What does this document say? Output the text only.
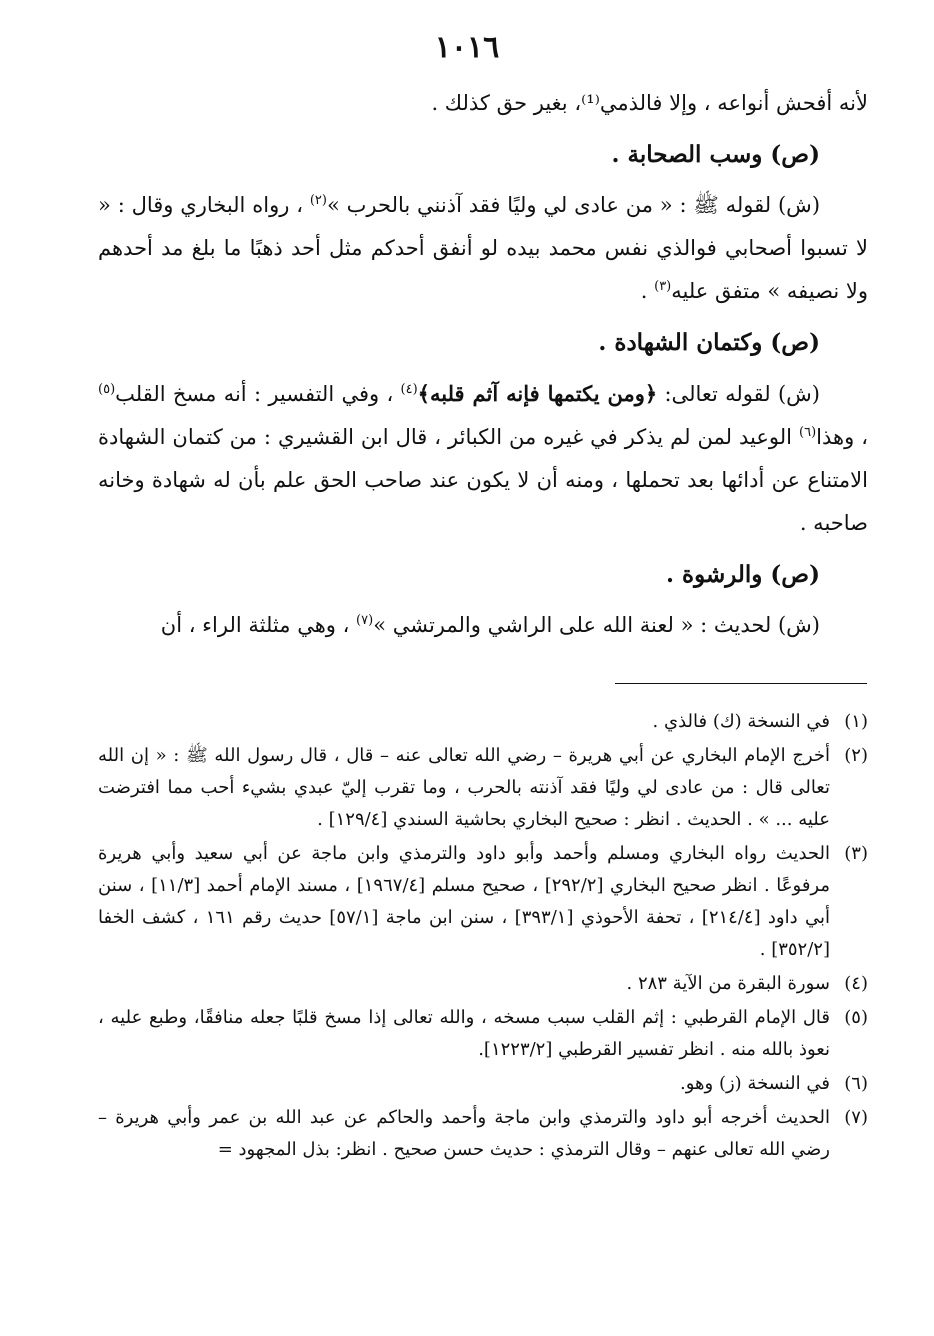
١٠١٦

لأنه أفحش أنواعه ، وإلا فالذمي⁽¹⁾، بغير حق كذلك .

(ص) وسب الصحابة .

(ش) لقوله ﷺ : « من عادى لي وليًا فقد آذنني بالحرب »$^{(٢)}$ ، رواه البخاري وقال : « لا تسبوا أصحابي فوالذي نفس محمد بيده لو أنفق أحدكم مثل أحد ذهبًا ما بلغ مد أحدهم ولا نصيفه » متفق عليه$^{(٣)}$ .

(ص) وكتمان الشهادة .

(ش) لقوله تعالى: ﴿ومن يكتمها فإنه آثم قلبه﴾$^{(٤)}$ ، وفي التفسير : أنه مسخ القلب$^{(٥)}$ ، وهذا$^{(٦)}$ الوعيد لمن لم يذكر في غيره من الكبائر ، قال ابن القشيري : من كتمان الشهادة الامتناع عن أدائها بعد تحملها ، ومنه أن لا يكون عند صاحب الحق علم بأن له شهادة وخانه صاحبه .

(ص) والرشوة .

(ش) لحديث : « لعنة الله على الراشي والمرتشي »$^{(٧)}$ ، وهي مثلثة الراء ، أن

(١)
في النسخة (ك) فالذي .
(٢)
أخرج الإمام البخاري عن أبي هريرة – رضي الله تعالى عنه – قال ، قال رسول الله ﷺ : « إن الله تعالى قال : من عادى لي وليًا فقد آذنته بالحرب ، وما تقرب إليّ عبدي بشيء أحب مما افترضت عليه ... » . الحديث . انظر : صحيح البخاري بحاشية السندي [١٢٩/٤] .
(٣)
الحديث رواه البخاري ومسلم وأحمد وأبو داود والترمذي وابن ماجة عن أبي سعيد وأبي هريرة مرفوعًا . انظر صحيح البخاري [٢٩٢/٢] ، صحيح مسلم [١٩٦٧/٤] ، مسند الإمام أحمد [١١/٣] ، سنن أبي داود [٢١٤/٤] ، تحفة الأحوذي [٣٩٣/١] ، سنن ابن ماجة [٥٧/١] حديث رقم ١٦١ ، كشف الخفا [٣٥٢/٢] .
(٤)
سورة البقرة من الآية ٢٨٣ .
(٥)
قال الإمام القرطبي : إثم القلب سبب مسخه ، والله تعالى إذا مسخ قلبًا جعله منافقًا، وطبع عليه ، نعوذ بالله منه . انظر تفسير القرطبي [١٢٢٣/٢].
(٦)
في النسخة (ز) وهو.
(٧)
الحديث أخرجه أبو داود والترمذي وابن ماجة وأحمد والحاكم عن عبد الله بن عمر وأبي هريرة – رضي الله تعالى عنهم – وقال الترمذي : حديث حسن صحيح . انظر: بذل المجهود =
